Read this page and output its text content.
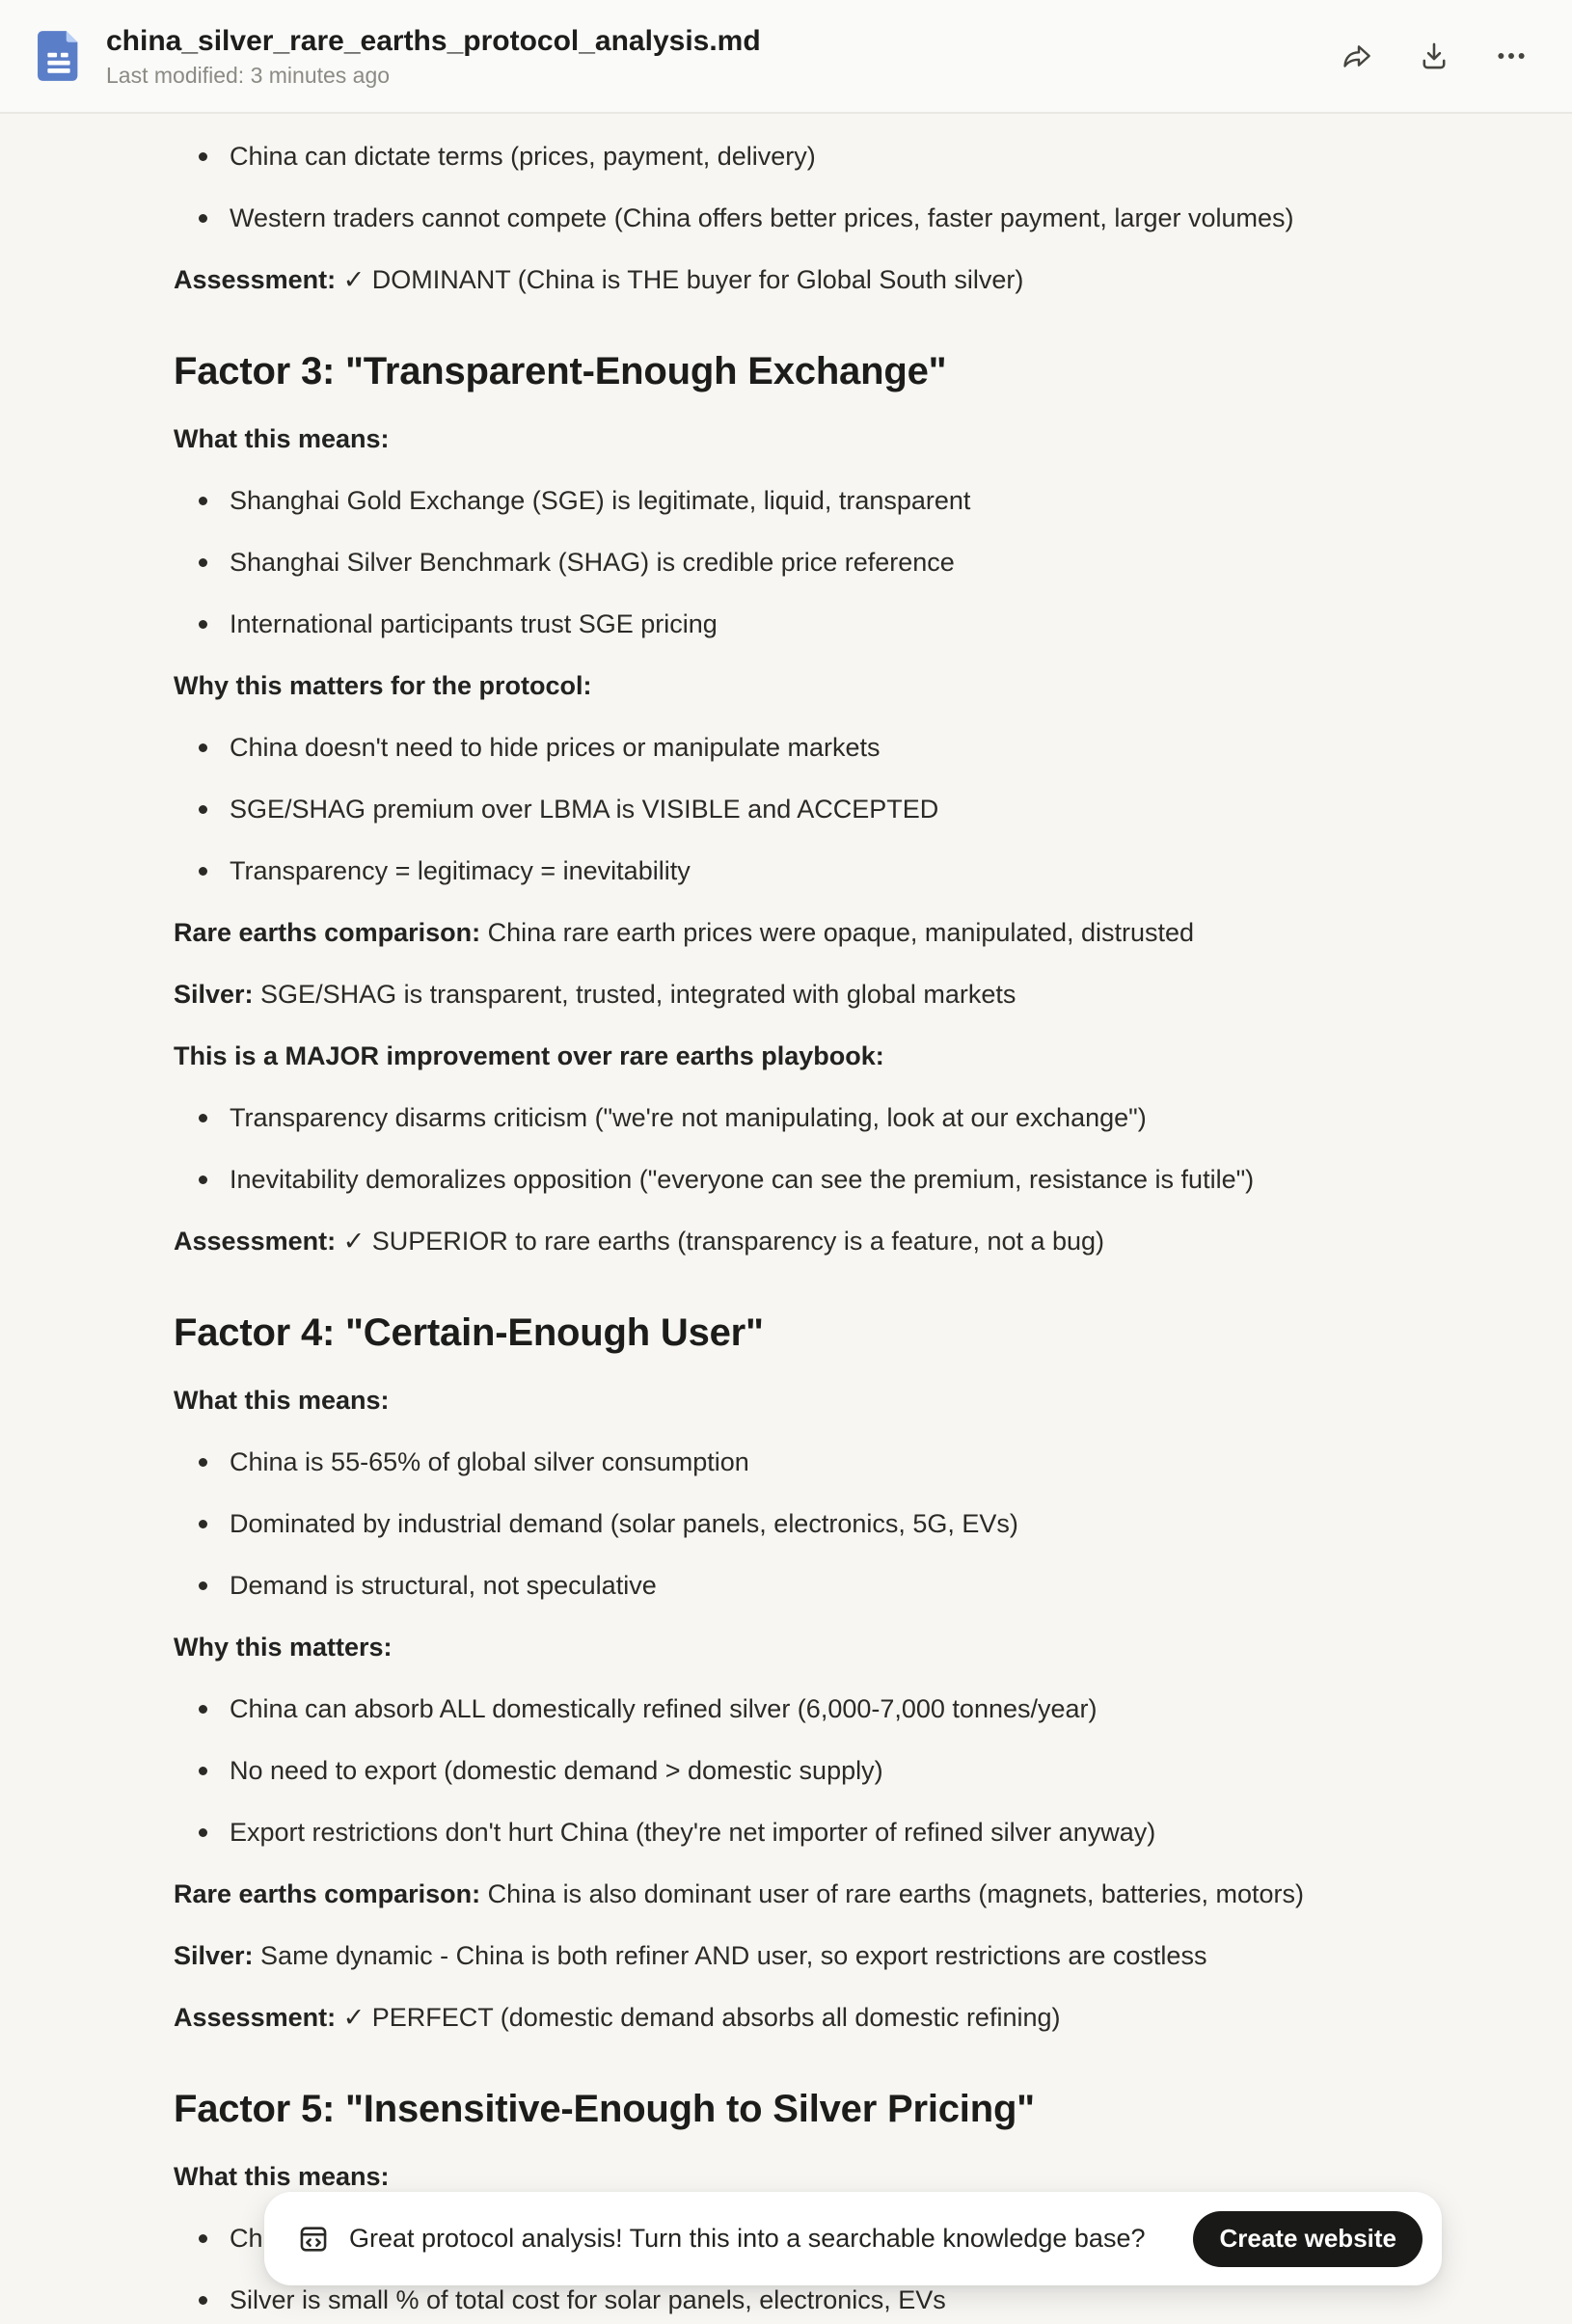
china_silver_rare_earths_protocol_analysis.md
Last modified: 3 minutes ago
China can dictate terms (prices, payment, delivery)
Western traders cannot compete (China offers better prices, faster payment, larger volumes)

Assessment: ✓ DOMINANT (China is THE buyer for Global South silver)

Factor 3: "Transparent-Enough Exchange"

What this means:

Shanghai Gold Exchange (SGE) is legitimate, liquid, transparent
Shanghai Silver Benchmark (SHAG) is credible price reference
International participants trust SGE pricing

Why this matters for the protocol:

China doesn't need to hide prices or manipulate markets
SGE/SHAG premium over LBMA is VISIBLE and ACCEPTED
Transparency = legitimacy = inevitability

Rare earths comparison: China rare earth prices were opaque, manipulated, distrusted

Silver: SGE/SHAG is transparent, trusted, integrated with global markets

This is a MAJOR improvement over rare earths playbook:

Transparency disarms criticism ("we're not manipulating, look at our exchange")
Inevitability demoralizes opposition ("everyone can see the premium, resistance is futile")

Assessment: ✓ SUPERIOR to rare earths (transparency is a feature, not a bug)

Factor 4: "Certain-Enough User"

What this means:

China is 55-65% of global silver consumption
Dominated by industrial demand (solar panels, electronics, 5G, EVs)
Demand is structural, not speculative

Why this matters:

China can absorb ALL domestically refined silver (6,000-7,000 tonnes/year)
No need to export (domestic demand > domestic supply)
Export restrictions don't hurt China (they're net importer of refined silver anyway)

Rare earths comparison: China is also dominant user of rare earths (magnets, batteries, motors)

Silver: Same dynamic - China is both refiner AND user, so export restrictions are costless

Assessment: ✓ PERFECT (domestic demand absorbs all domestic refining)

Factor 5: "Insensitive-Enough to Silver Pricing"

What this means:

Ch
Silver is small % of total cost for solar panels, electronics, EVs
Great protocol analysis! Turn this into a searchable knowledge base?	Create website
